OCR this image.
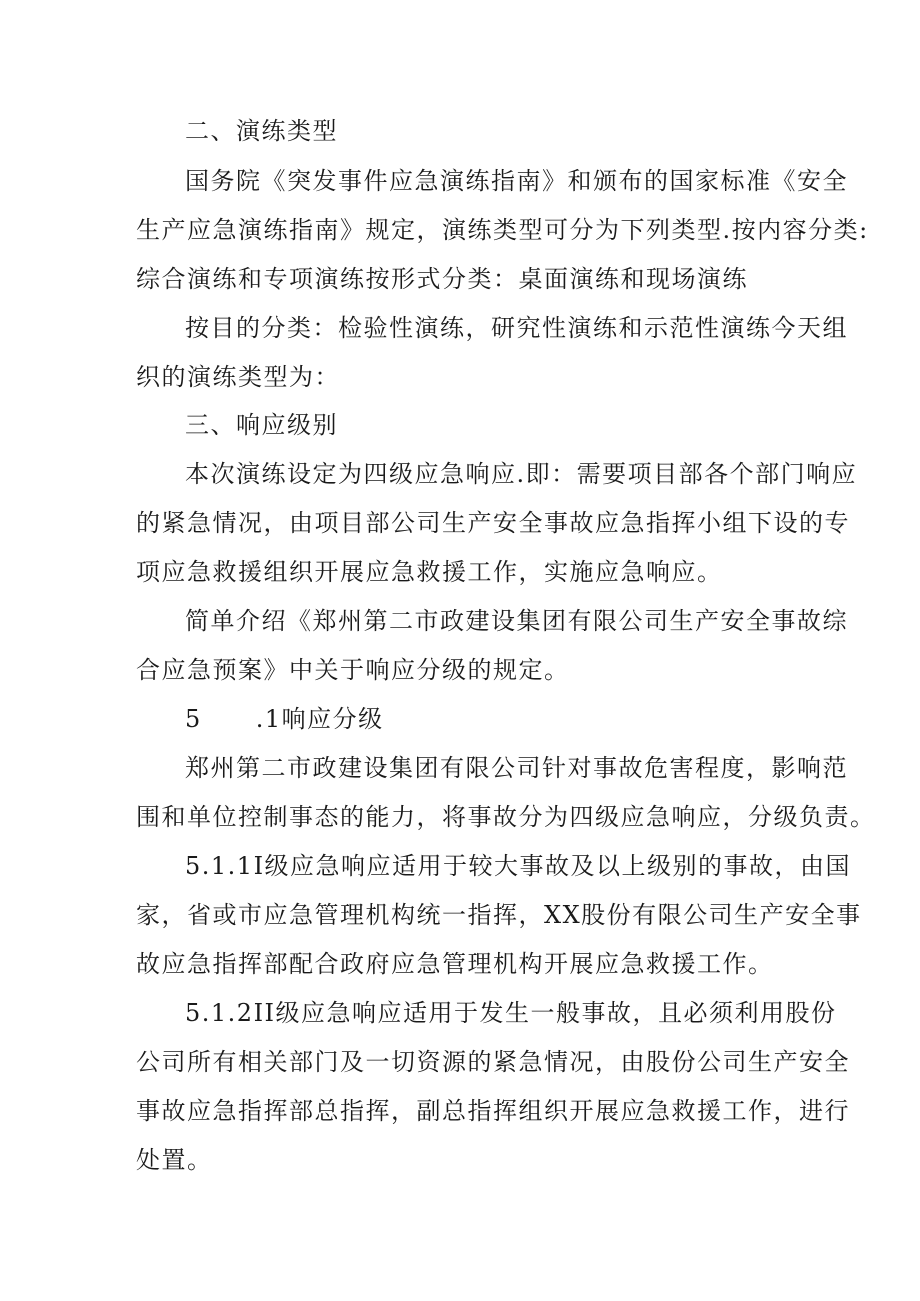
二、演练类型
国务院《突发事件应急演练指南》和颁布的国家标准《安全
生产应急演练指南》规定，演练类型可分为下列类型.按内容分类:
综合演练和专项演练按形式分类：桌面演练和现场演练
按目的分类：检验性演练，研究性演练和示范性演练今天组
织的演练类型为：
三、响应级别
本次演练设定为四级应急响应.即：需要项目部各个部门响应
的紧急情况，由项目部公司生产安全事故应急指挥小组下设的专
项应急救援组织开展应急救援工作，实施应急响应。
简单介绍《郑州第二市政建设集团有限公司生产安全事故综
合应急预案》中关于响应分级的规定。
5 .1响应分级
郑州第二市政建设集团有限公司针对事故危害程度，影响范
围和单位控制事态的能力，将事故分为四级应急响应，分级负责。
5.1.1I级应急响应适用于较大事故及以上级别的事故，由国
家，省或市应急管理机构统一指挥，XX股份有限公司生产安全事
故应急指挥部配合政府应急管理机构开展应急救援工作。
5.1.2II级应急响应适用于发生一般事故，且必须利用股份
公司所有相关部门及一切资源的紧急情况，由股份公司生产安全
事故应急指挥部总指挥，副总指挥组织开展应急救援工作，进行
处置。
